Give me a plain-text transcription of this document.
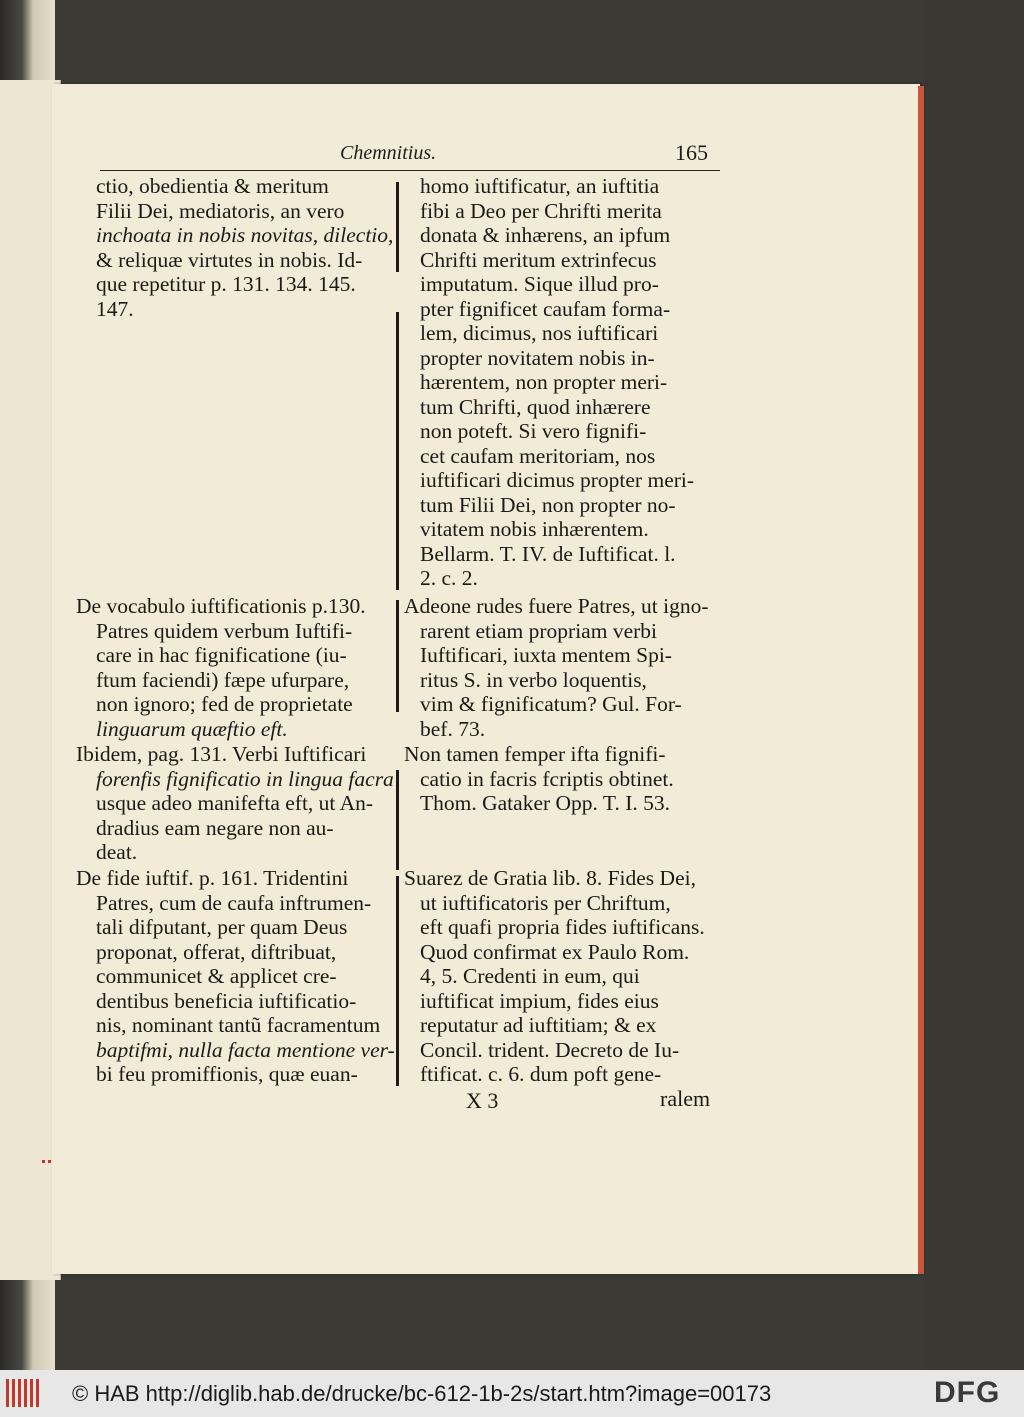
Chemnitius.	165
ctio, obedientia & meritum
Filii Dei, mediatoris, an vero
inchoata in nobis novitas, dilectio,
& reliquæ virtutes in nobis. Id-
que repetitur p. 131. 134. 145.
147.
De vocabulo iuftificationis p.130.
Patres quidem verbum Iuftifi-
care in hac fignificatione (iu-
ftum faciendi) fæpe ufurpare,
non ignoro; fed de proprietate
linguarum quæftio eft.
Ibidem, pag. 131. Verbi Iuftificari
forenfis fignificatio in lingua facra
usque adeo manifefta eft, ut An-
dradius eam negare non au-
deat.
De fide iuftif. p. 161. Tridentini
Patres, cum de caufa inftrumen-
tali difputant, per quam Deus
proponat, offerat, diftribuat,
communicet & applicet cre-
dentibus beneficia iuftificatio-
nis, nominant tantũ facramentum
baptifmi, nulla facta mentione ver-
bi feu promiffionis, quæ euan-
homo iuftificatur, an iuftitia
fibi a Deo per Chrifti merita
donata & inhærens, an ipfum
Chrifti meritum extrinfecus
imputatum. Sique illud pro-
pter fignificet caufam forma-
lem, dicimus, nos iuftificari
propter novitatem nobis in-
hærentem, non propter meri-
tum Chrifti, quod inhærere
non poteft. Si vero fignifi-
cet caufam meritoriam, nos
iuftificari dicimus propter meri-
tum Filii Dei, non propter no-
vitatem nobis inhærentem.
Bellarm. T. IV. de Iuftificat. l.
2. c. 2.
Adeone rudes fuere Patres, ut igno-
rarent etiam propriam verbi
Iuftificari, iuxta mentem Spi-
ritus S. in verbo loquentis,
vim & fignificatum? Gul. For-
bef. 73.
Non tamen femper ifta fignifi-
catio in facris fcriptis obtinet.
Thom. Gataker Opp. T. I. 53.
Suarez de Gratia lib. 8. Fides Dei,
ut iuftificatoris per Chriftum,
eft quafi propria fides iuftificans.
Quod confirmat ex Paulo Rom.
4, 5. Credenti in eum, qui
iuftificat impium, fides eius
reputatur ad iuftitiam; & ex
Concil. trident. Decreto de Iu-
ftificat. c. 6. dum poft gene-
X 3	ralem
© HAB http://diglib.hab.de/drucke/bc-612-1b-2s/start.htm?image=00173	DFG
